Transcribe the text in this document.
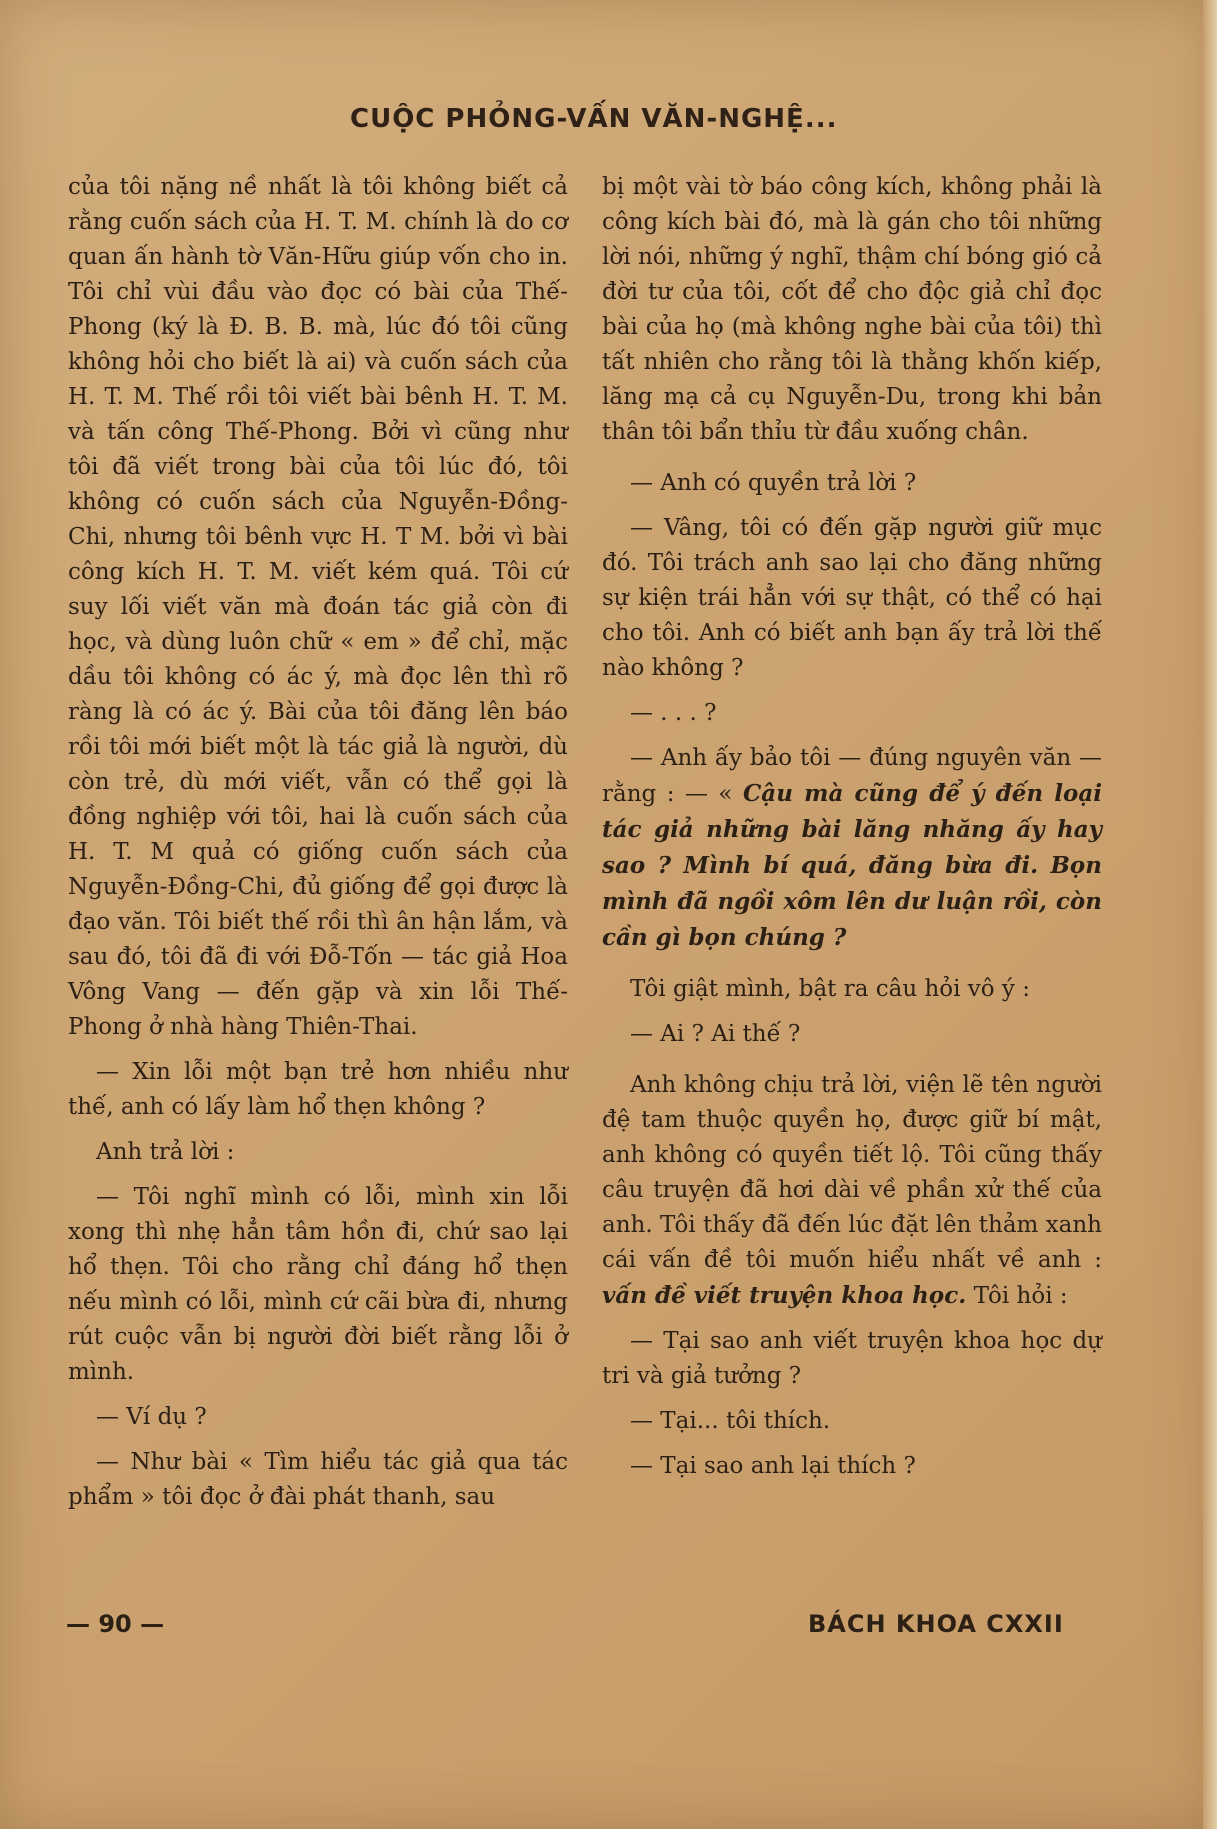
CUỘC PHỎNG-VẤN VĂN-NGHỆ...

của tôi nặng nề nhất là tôi không biết cả rằng cuốn sách của H. T. M. chính là do cơ quan ấn hành tờ Văn-Hữu giúp vốn cho in. Tôi chỉ vùi đầu vào đọc có bài của Thế-Phong (ký là Đ. B. B. mà, lúc đó tôi cũng không hỏi cho biết là ai) và cuốn sách của H. T. M. Thế rồi tôi viết bài bênh H. T. M. và tấn công Thế-Phong. Bởi vì cũng như tôi đã viết trong bài của tôi lúc đó, tôi không có cuốn sách của Nguyễn-Đồng-Chi, nhưng tôi bênh vực H. T M. bởi vì bài công kích H. T. M. viết kém quá. Tôi cứ suy lối viết văn mà đoán tác giả còn đi học, và dùng luôn chữ « em » để chỉ, mặc dầu tôi không có ác ý, mà đọc lên thì rõ ràng là có ác ý. Bài của tôi đăng lên báo rồi tôi mới biết một là tác giả là người, dù còn trẻ, dù mới viết, vẫn có thể gọi là đồng nghiệp với tôi, hai là cuốn sách của H. T. M quả có giống cuốn sách của Nguyễn-Đồng-Chi, đủ giống để gọi được là đạo văn. Tôi biết thế rồi thì ân hận lắm, và sau đó, tôi đã đi với Đỗ-Tốn — tác giả Hoa Vông Vang — đến gặp và xin lỗi Thế-Phong ở nhà hàng Thiên-Thai.

— Xin lỗi một bạn trẻ hơn nhiều như thế, anh có lấy làm hổ thẹn không ?

Anh trả lời :

— Tôi nghĩ mình có lỗi, mình xin lỗi xong thì nhẹ hẳn tâm hồn đi, chứ sao lại hổ thẹn. Tôi cho rằng chỉ đáng hổ thẹn nếu mình có lỗi, mình cứ cãi bừa đi, nhưng rút cuộc vẫn bị người đời biết rằng lỗi ở mình.

— Ví dụ ?

— Như bài « Tìm hiểu tác giả qua tác phẩm » tôi đọc ở đài phát thanh, sau

bị một vài tờ báo công kích, không phải là công kích bài đó, mà là gán cho tôi những lời nói, những ý nghĩ, thậm chí bóng gió cả đời tư của tôi, cốt để cho độc giả chỉ đọc bài của họ (mà không nghe bài của tôi) thì tất nhiên cho rằng tôi là thằng khốn kiếp, lăng mạ cả cụ Nguyễn-Du, trong khi bản thân tôi bẩn thỉu từ đầu xuống chân.

— Anh có quyền trả lời ?

— Vâng, tôi có đến gặp người giữ mục đó. Tôi trách anh sao lại cho đăng những sự kiện trái hẳn với sự thật, có thể có hại cho tôi. Anh có biết anh bạn ấy trả lời thế nào không ?

— . . . ?

— Anh ấy bảo tôi — đúng nguyên văn — rằng : — « Cậu mà cũng để ý đến loại tác giả những bài lăng nhăng ấy hay sao ? Mình bí quá, đăng bừa đi. Bọn mình đã ngồi xôm lên dư luận rồi, còn cần gì bọn chúng ?

Tôi giật mình, bật ra câu hỏi vô ý :

— Ai ? Ai thế ?

Anh không chịu trả lời, viện lẽ tên người đệ tam thuộc quyền họ, được giữ bí mật, anh không có quyền tiết lộ. Tôi cũng thấy câu truyện đã hơi dài về phần xử thế của anh. Tôi thấy đã đến lúc đặt lên thảm xanh cái vấn đề tôi muốn hiểu nhất về anh : vấn đề viết truyện khoa học. Tôi hỏi :

— Tại sao anh viết truyện khoa học dự tri và giả tưởng ?

— Tại... tôi thích.

— Tại sao anh lại thích ?

— 90 —	BÁCH KHOA CXXII
